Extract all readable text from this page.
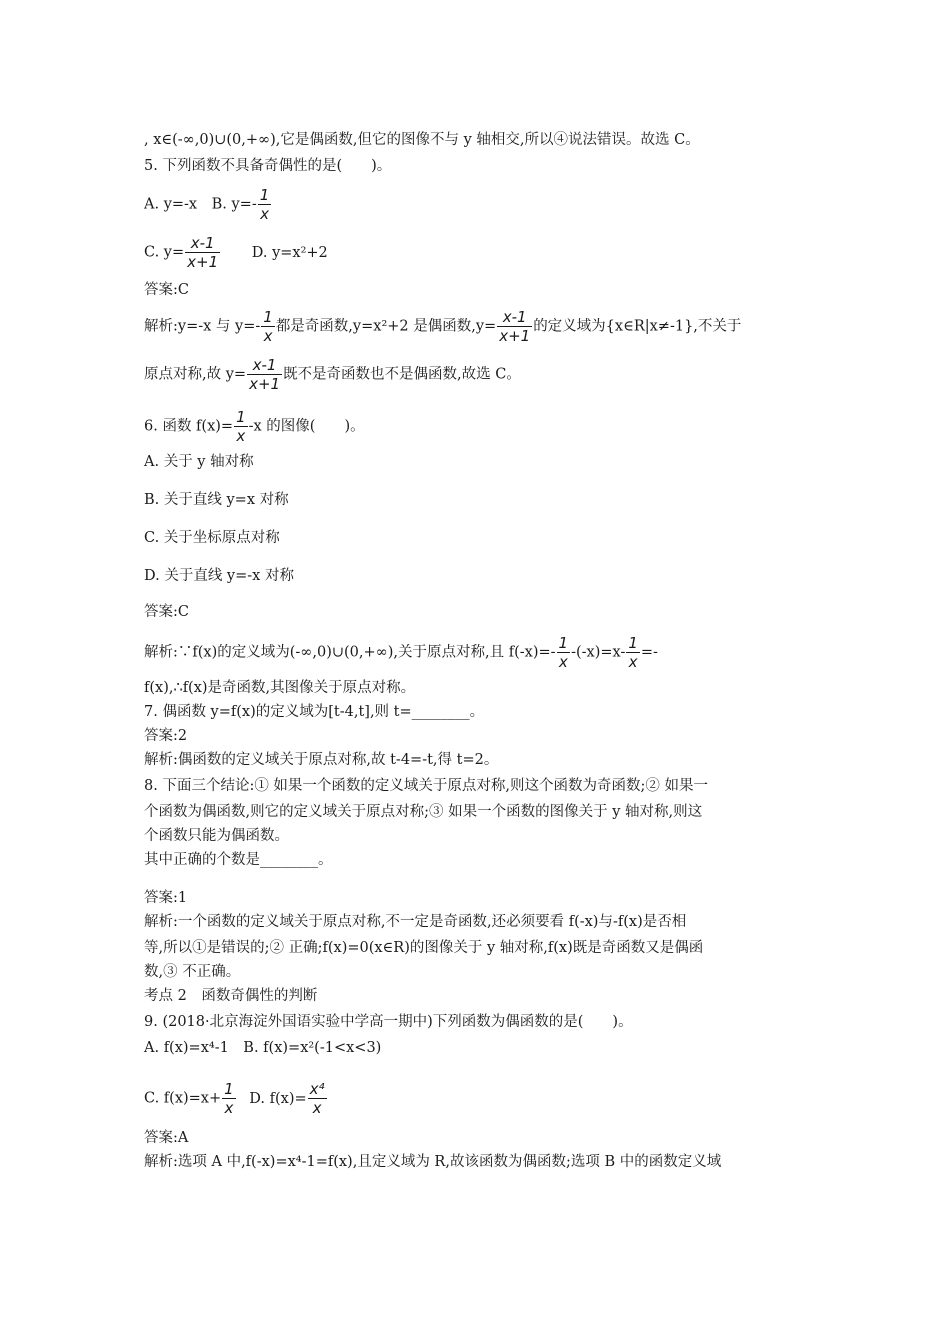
, x∈(-∞,0)∪(0,+∞),它是偶函数,但它的图像不与 y 轴相交,所以④说法错误。故选 C。
5. 下列函数不具备奇偶性的是(　　)。
A. y=-x　B. $y=- \frac{1}{x}$
C. $y= \frac{x-1}{x+1} D$. y=x²+2
答案:C
解析:y=-x 与 $y=- \frac{1}{x}$ 都是奇函数,y=x²+2 是偶函数$,y= \frac{x-1}{x+1}$ 的定义域为{x∈R|x≠-1},不关于
原点对称,故 $y= \frac{x-1}{x+1}$ 既不是奇函数也不是偶函数,故选 C。
6. 函数 $f(x)= \frac{1}{x} -x$ 的图像(　　)。
A. 关于 y 轴对称
B. 关于直线 y=x 对称
C. 关于坐标原点对称
D. 关于直线 y=-x 对称
答案:C
解析:∵f(x)的定义域为(-∞,0)∪(0,+∞),关于原点对称,且 $f(-x)=- \frac{1}{x} -(-x)=x- \frac{1}{x}$ =-
f(x),∴f(x)是奇函数,其图像关于原点对称。
7. 偶函数 y=f(x)的定义域为[t-4,t],则 t=________。
答案:2
解析:偶函数的定义域关于原点对称,故 t-4=-t,得 t=2。
8. 下面三个结论:① 如果一个函数的定义域关于原点对称,则这个函数为奇函数;② 如果一
个函数为偶函数,则它的定义域关于原点对称;③ 如果一个函数的图像关于 y 轴对称,则这
个函数只能为偶函数。
其中正确的个数是________。
答案:1
解析:一个函数的定义域关于原点对称,不一定是奇函数,还必须要看 f(-x)与-f(x)是否相
等,所以①是错误的;② 正确;f(x)=0(x∈R)的图像关于 y 轴对称,f(x)既是奇函数又是偶函
数,③ 不正确。
考点 2　函数奇偶性的判断
9. (2018·北京海淀外国语实验中学高一期中)下列函数为偶函数的是(　　)。
A. f(x)=x⁴-1　B. f(x)=x²(-1<x<3)
C. $f(x)=x+ \frac{1}{x} D$. $f(x)= \frac{\text{x⁴}}{x}$
答案:A
解析:选项 A 中,f(-x)=x⁴-1=f(x),且定义域为 R,故该函数为偶函数;选项 B 中的函数定义域
